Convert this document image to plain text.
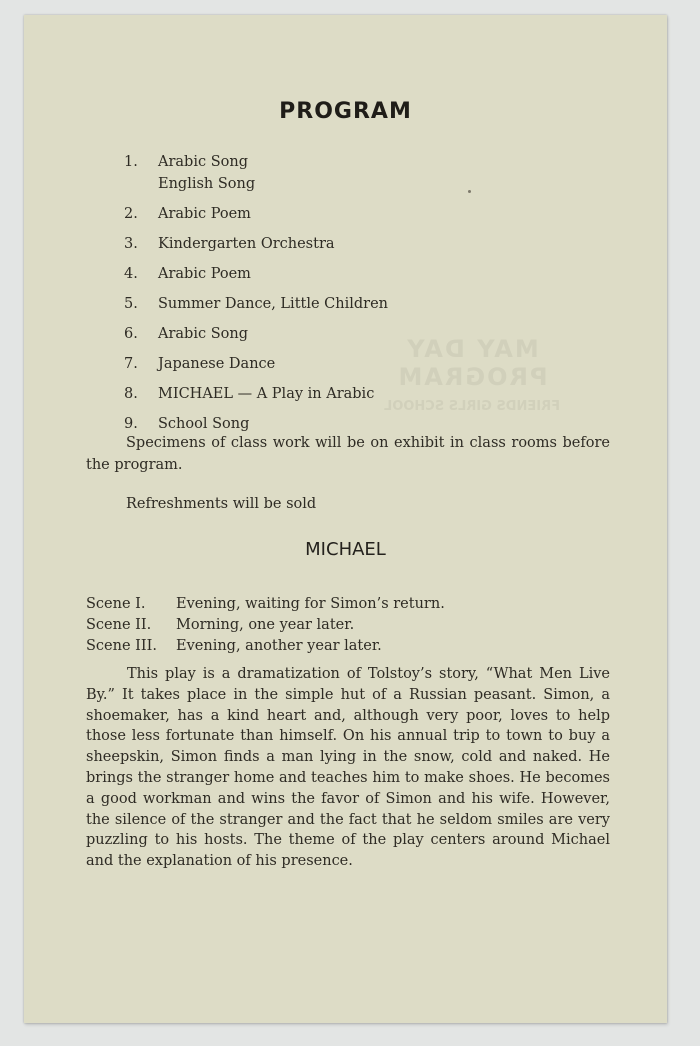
MAY DAY PROGRAM
FRIENDS GIRLS SCHOOL
PROGRAM
1.	Arabic Song
English Song
2.	Arabic Poem
3.	Kindergarten Orchestra
4.	Arabic Poem
5.	Summer Dance, Little Children
6.	Arabic Song
7.	Japanese Dance
8.	MICHAEL — A Play in Arabic
9.	School Song

Specimens of class work will be on exhibit in class rooms before the program.

Refreshments will be sold

MICHAEL
Scene I. Evening, waiting for Simon’s return.
Scene II. Morning, one year later.
Scene III. Evening, another year later.

This play is a dramatization of Tolstoy’s story, “What Men Live By.” It takes place in the simple hut of a Russian peasant. Simon, a shoemaker, has a kind heart and, although very poor, loves to help those less fortunate than himself. On his annual trip to town to buy a sheepskin, Simon finds a man lying in the snow, cold and naked. He brings the stranger home and teaches him to make shoes. He becomes a good workman and wins the favor of Simon and his wife. However, the silence of the stranger and the fact that he seldom smiles are very puzzling to his hosts. The theme of the play centers around Michael and the explanation of his presence.
